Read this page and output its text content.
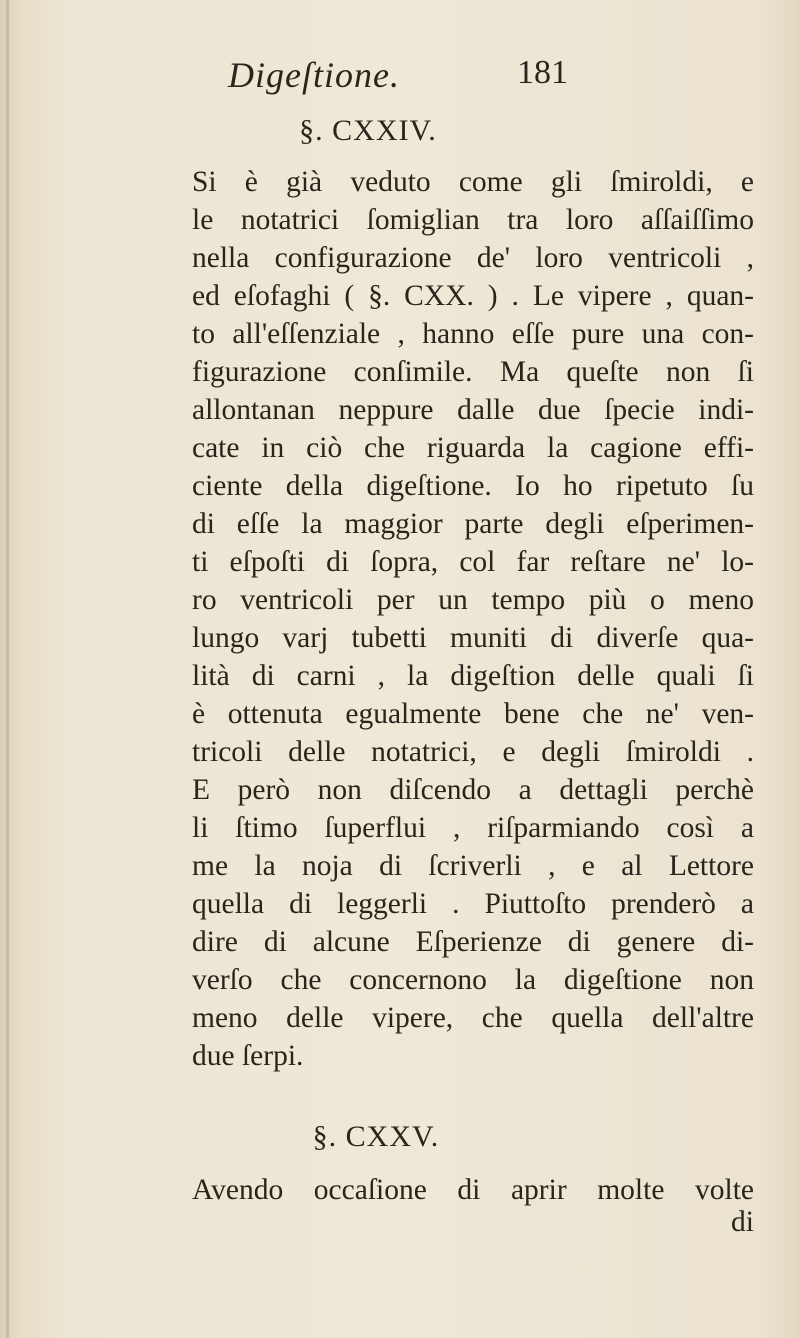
Digeſtione.	181
§. CXXIV.
Si è già veduto come gli ſmiroldi, e
le notatrici ſomiglian tra loro aſſaiſſimo
nella configurazione de' loro ventricoli ,
ed eſofaghi ( §. CXX. ) . Le vipere , quan-
to all'eſſenziale , hanno eſſe pure una con-
figurazione conſimile. Ma queſte non ſi
allontanan neppure dalle due ſpecie indi-
cate in ciò che riguarda la cagione effi-
ciente della digeſtione. Io ho ripetuto ſu
di eſſe la maggior parte degli eſperimen-
ti eſpoſti di ſopra, col far reſtare ne' lo-
ro ventricoli per un tempo più o meno
lungo varj tubetti muniti di diverſe qua-
lità di carni , la digeſtion delle quali ſi
è ottenuta egualmente bene che ne' ven-
tricoli delle notatrici, e degli ſmiroldi .
E però non diſcendo a dettagli perchè
li ſtimo ſuperflui , riſparmiando così a
me la noja di ſcriverli , e al Lettore
quella di leggerli . Piuttoſto prenderò a
dire di alcune Eſperienze di genere di-
verſo che concernono la digeſtione non
meno delle vipere, che quella dell'altre
due ſerpi.
§. CXXV.
Avendo occaſione di aprir molte volte
di
